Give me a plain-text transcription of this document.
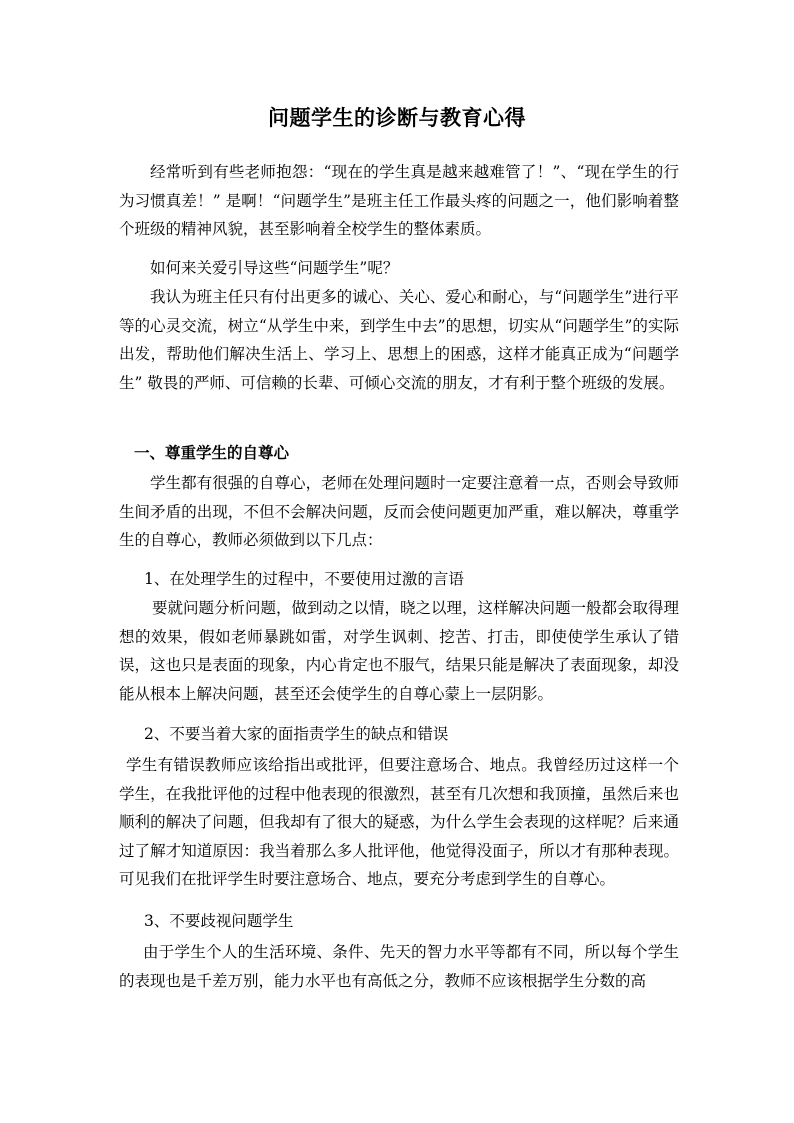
问题学生的诊断与教育心得

经常听到有些老师抱怨：“现在的学生真是越来越难管了！”、“现在学生的行为习惯真差！” 是啊！“问题学生”是班主任工作最头疼的问题之一，他们影响着整个班级的精神风貌，甚至影响着全校学生的整体素质。

如何来关爱引导这些“问题学生”呢？

我认为班主任只有付出更多的诚心、关心、爱心和耐心，与“问题学生”进行平等的心灵交流，树立“从学生中来，到学生中去”的思想，切实从“问题学生”的实际出发，帮助他们解决生活上、学习上、思想上的困惑，这样才能真正成为“问题学生” 敬畏的严师、可信赖的长辈、可倾心交流的朋友，才有利于整个班级的发展。

一、尊重学生的自尊心

学生都有很强的自尊心，老师在处理问题时一定要注意着一点，否则会导致师生间矛盾的出现，不但不会解决问题，反而会使问题更加严重，难以解决，尊重学生的自尊心，教师必须做到以下几点：

1、在处理学生的过程中，不要使用过激的言语

要就问题分析问题，做到动之以情，晓之以理，这样解决问题一般都会取得理想的效果，假如老师暴跳如雷，对学生讽刺、挖苦、打击，即使使学生承认了错误，这也只是表面的现象，内心肯定也不服气，结果只能是解决了表面现象，却没能从根本上解决问题，甚至还会使学生的自尊心蒙上一层阴影。

2、不要当着大家的面指责学生的缺点和错误

学生有错误教师应该给指出或批评，但要注意场合、地点。我曾经历过这样一个学生，在我批评他的过程中他表现的很激烈，甚至有几次想和我顶撞，虽然后来也顺利的解决了问题，但我却有了很大的疑惑，为什么学生会表现的这样呢？后来通过了解才知道原因：我当着那么多人批评他，他觉得没面子，所以才有那种表现。可见我们在批评学生时要注意场合、地点，要充分考虑到学生的自尊心。

3、不要歧视问题学生

由于学生个人的生活环境、条件、先天的智力水平等都有不同，所以每个学生的表现也是千差万别，能力水平也有高低之分，教师不应该根据学生分数的高
